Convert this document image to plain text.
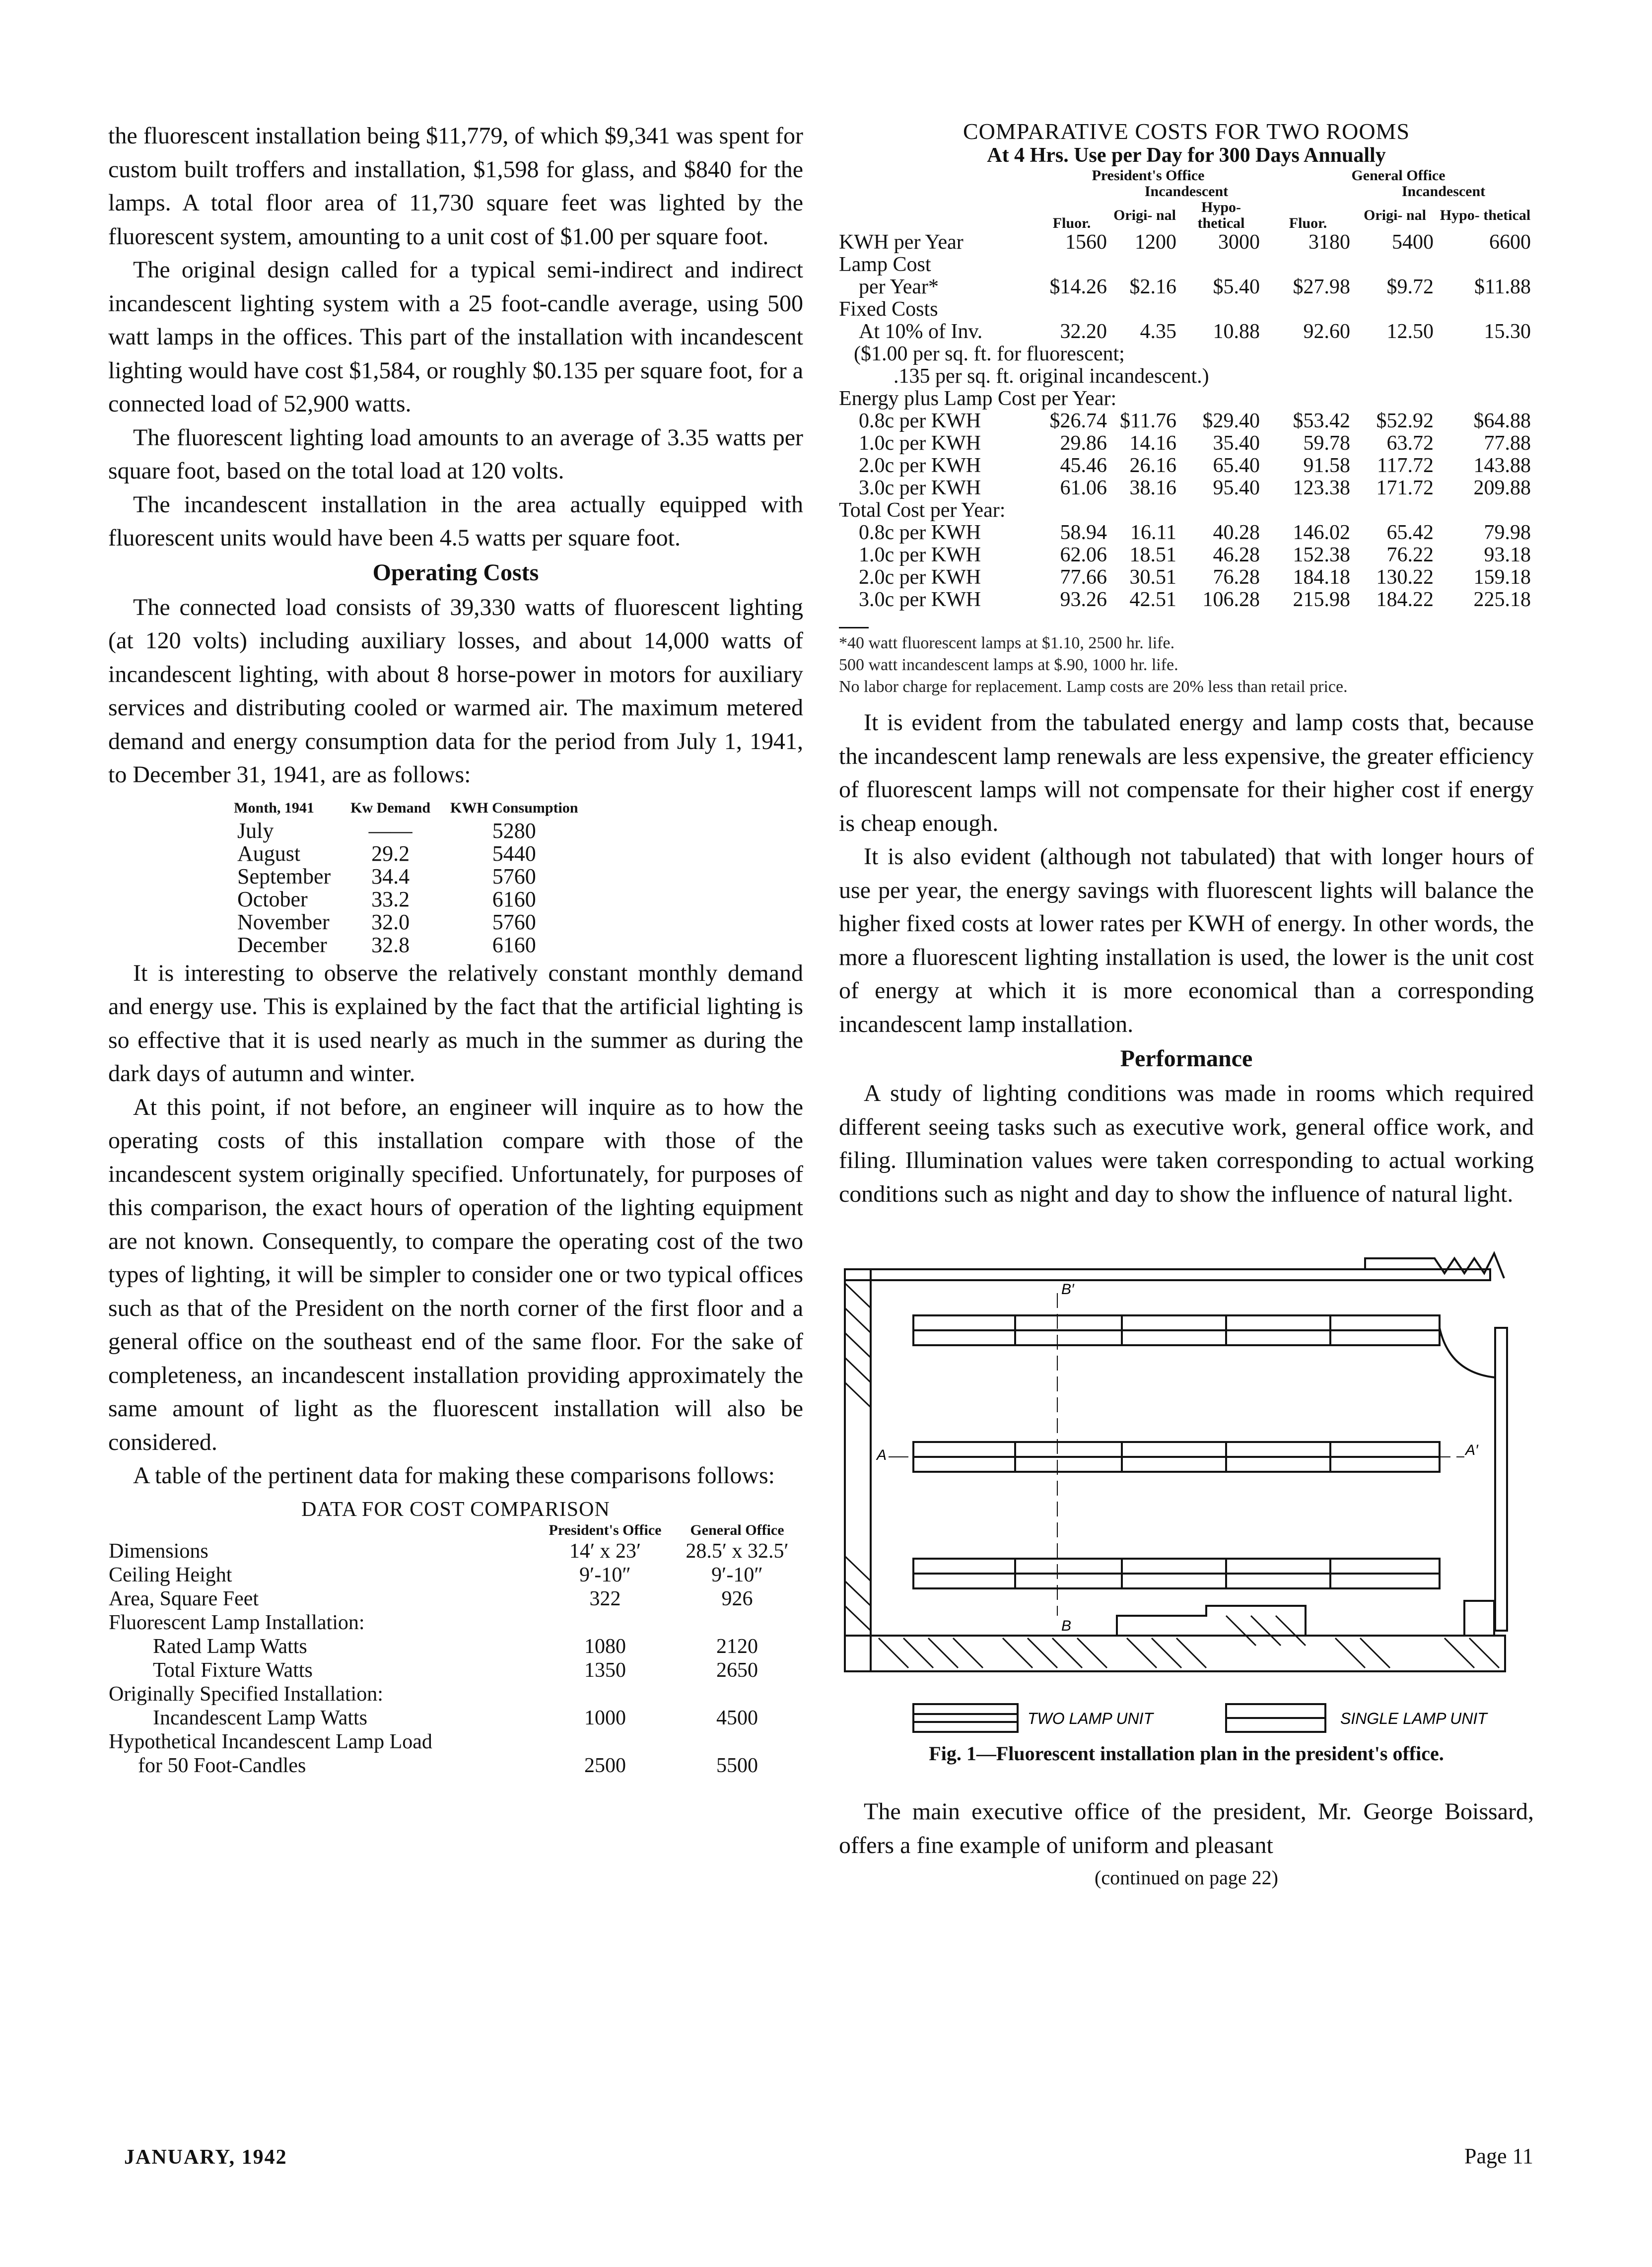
the fluorescent installation being $11,779, of which $9,341 was spent for custom built troffers and installation, $1,598 for glass, and $840 for the lamps. A total floor area of 11,730 square feet was lighted by the fluorescent system, amounting to a unit cost of $1.00 per square foot.

The original design called for a typical semi-indirect and indirect incandescent lighting system with a 25 foot-candle average, using 500 watt lamps in the offices. This part of the installation with incandescent lighting would have cost $1,584, or roughly $0.135 per square foot, for a connected load of 52,900 watts.

The fluorescent lighting load amounts to an average of 3.35 watts per square foot, based on the total load at 120 volts.

The incandescent installation in the area actually equipped with fluorescent units would have been 4.5 watts per square foot.

Operating Costs

The connected load consists of 39,330 watts of fluorescent lighting (at 120 volts) including auxiliary losses, and about 14,000 watts of incandescent lighting, with about 8 horse-power in motors for auxiliary services and distributing cooled or warmed air. The maximum metered demand and energy consumption data for the period from July 1, 1941, to December 31, 1941, are as follows:

Month, 1941	Kw Demand	KWH Consumption
July	——	5280
August	29.2	5440
September	34.4	5760
October	33.2	6160
November	32.0	5760
December	32.8	6160

It is interesting to observe the relatively constant monthly demand and energy use. This is explained by the fact that the artificial lighting is so effective that it is used nearly as much in the summer as during the dark days of autumn and winter.

At this point, if not before, an engineer will inquire as to how the operating costs of this installation compare with those of the incandescent system originally specified. Unfortunately, for purposes of this comparison, the exact hours of operation of the lighting equipment are not known. Consequently, to compare the operating cost of the two types of lighting, it will be simpler to consider one or two typical offices such as that of the President on the north corner of the first floor and a general office on the southeast end of the same floor. For the sake of completeness, an incandescent installation providing approximately the same amount of light as the fluorescent installation will also be considered.

A table of the pertinent data for making these comparisons follows:

DATA FOR COST COMPARISON
	President's Office	General Office
Dimensions	14′ x 23′	28.5′ x 32.5′
Ceiling Height	9′-10″	9′-10″
Area, Square Feet	322	926
Fluorescent Lamp Installation:		
Rated Lamp Watts	1080	2120
Total Fixture Watts	1350	2650
Originally Specified Installation:		
Incandescent Lamp Watts	1000	4500
Hypothetical Incandescent Lamp Load		
for 50 Foot-Candles	2500	5500
COMPARATIVE COSTS FOR TWO ROOMS
At 4 Hrs. Use per Day for 300 Days Annually
	President's Office			General Office		
		Incandescent			Incandescent	
	Fluor.	Origi- nal	Hypo- thetical	Fluor.	Origi- nal	Hypo- thetical
KWH per Year	1560	1200	3000	3180	5400	6600
Lamp Cost						
per Year*	$14.26	$2.16	$5.40	$27.98	$9.72	$11.88
Fixed Costs						
At 10% of Inv.	32.20	4.35	10.88	92.60	12.50	15.30
($1.00 per sq. ft. for fluorescent;						
.135 per sq. ft. original incandescent.)						
Energy plus Lamp Cost per Year:						
0.8c per KWH	$26.74	$11.76	$29.40	$53.42	$52.92	$64.88
1.0c per KWH	29.86	14.16	35.40	59.78	63.72	77.88
2.0c per KWH	45.46	26.16	65.40	91.58	117.72	143.88
3.0c per KWH	61.06	38.16	95.40	123.38	171.72	209.88
Total Cost per Year:						
0.8c per KWH	58.94	16.11	40.28	146.02	65.42	79.98
1.0c per KWH	62.06	18.51	46.28	152.38	76.22	93.18
2.0c per KWH	77.66	30.51	76.28	184.18	130.22	159.18
3.0c per KWH	93.26	42.51	106.28	215.98	184.22	225.18

*40 watt fluorescent lamps at $1.10, 2500 hr. life.

500 watt incandescent lamps at $.90, 1000 hr. life.

No labor charge for replacement. Lamp costs are 20% less than retail price.

It is evident from the tabulated energy and lamp costs that, because the incandescent lamp renewals are less expensive, the greater efficiency of fluorescent lamps will not compensate for their higher cost if energy is cheap enough.

It is also evident (although not tabulated) that with longer hours of use per year, the energy savings with fluorescent lights will balance the higher fixed costs at lower rates per KWH of energy. In other words, the more a fluorescent lighting installation is used, the lower is the unit cost of energy at which it is more economical than a corresponding incandescent lamp installation.

Performance

A study of lighting conditions was made in rooms which required different seeing tasks such as executive work, general office work, and filing. Illumination values were taken corresponding to actual working conditions such as night and day to show the influence of natural light.

B′
B
A	A′
TWO LAMP UNIT	SINGLE LAMP UNIT
Fig. 1—Fluorescent installation plan in the president's office.

The main executive office of the president, Mr. George Boissard, offers a fine example of uniform and pleasant

(continued on page 22)
JANUARY, 1942	Page 11
